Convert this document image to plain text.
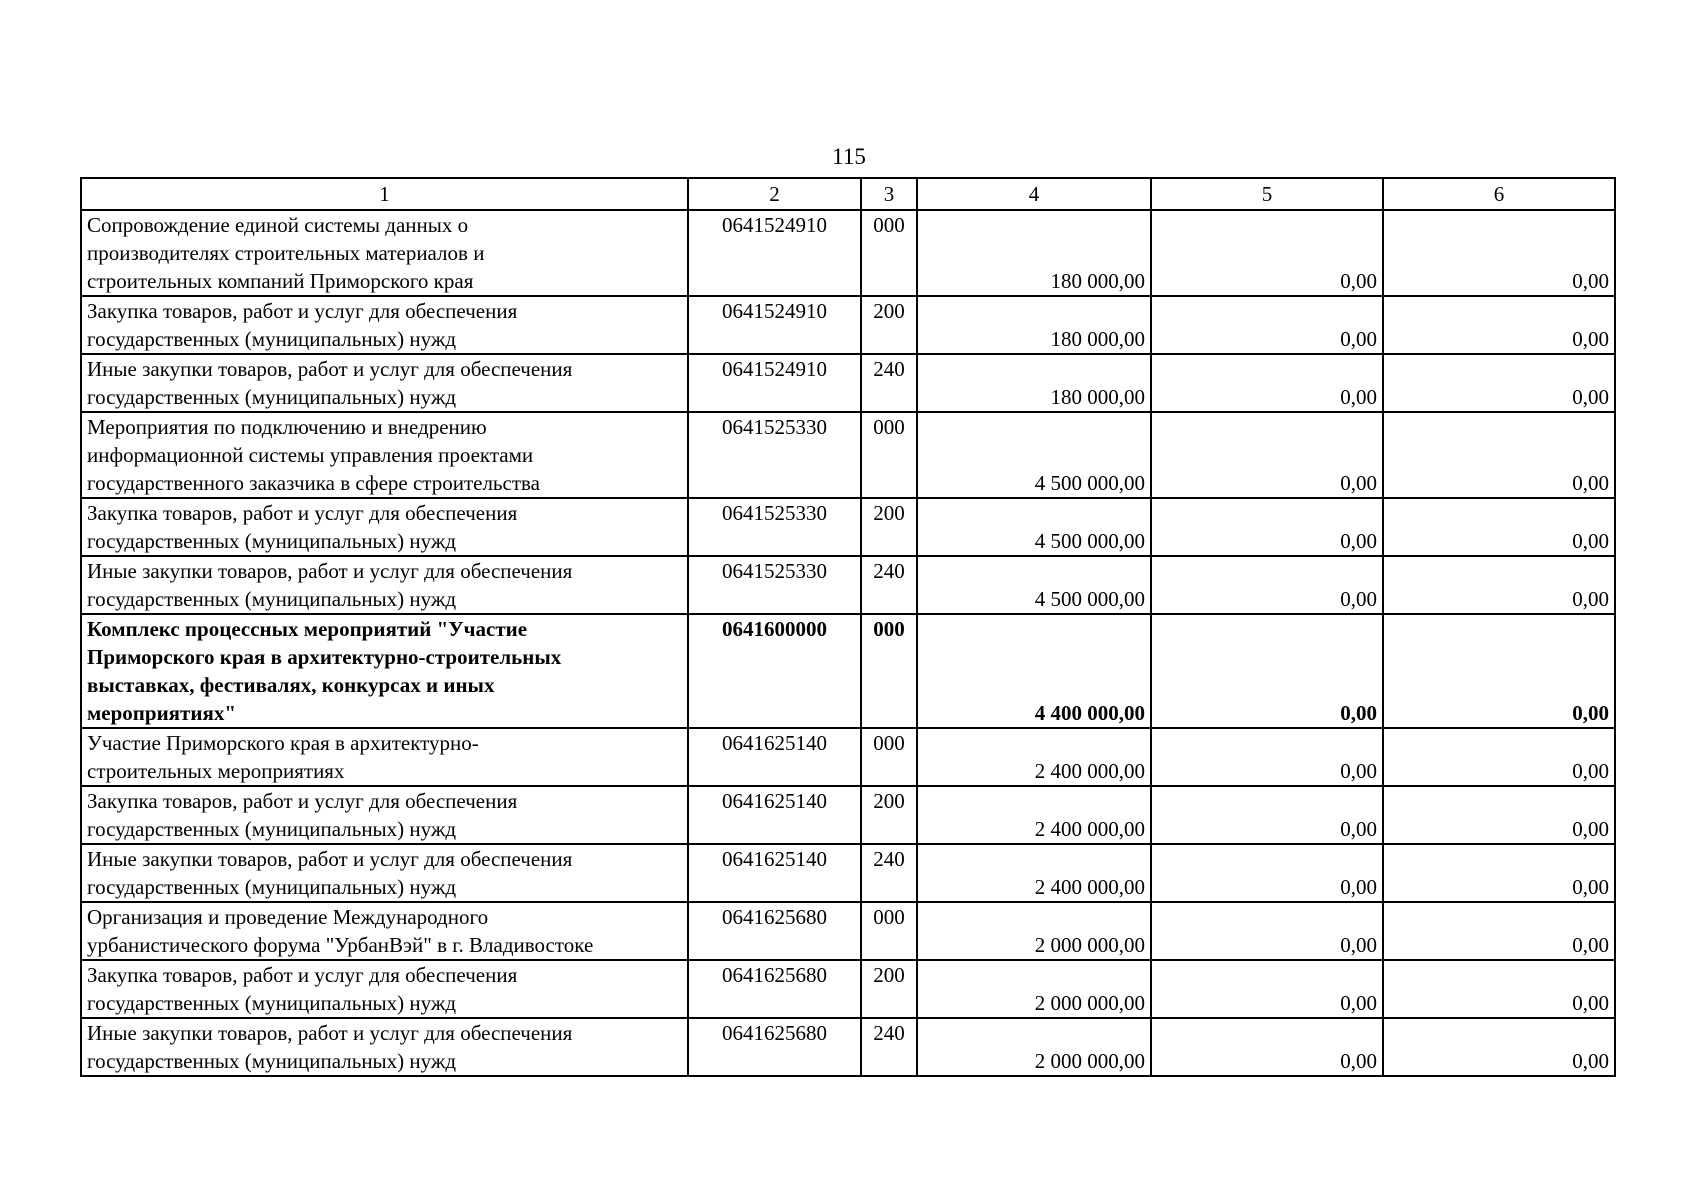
115
1	2	3	4	5	6

Сопровождение единой системы данных о
производителях строительных материалов и
строительных компаний Приморского края	0641524910	000	180 000,00	0,00	0,00

Закупка товаров, работ и услуг для обеспечения
государственных (муниципальных) нужд	0641524910	200	180 000,00	0,00	0,00

Иные закупки товаров, работ и услуг для обеспечения
государственных (муниципальных) нужд	0641524910	240	180 000,00	0,00	0,00

Мероприятия по подключению и внедрению
информационной системы управления проектами
государственного заказчика в сфере строительства	0641525330	000	4 500 000,00	0,00	0,00

Закупка товаров, работ и услуг для обеспечения
государственных (муниципальных) нужд	0641525330	200	4 500 000,00	0,00	0,00

Иные закупки товаров, работ и услуг для обеспечения
государственных (муниципальных) нужд	0641525330	240	4 500 000,00	0,00	0,00

Комплекс процессных мероприятий "Участие
Приморского края в архитектурно-строительных
выставках, фестивалях, конкурсах и иных
мероприятиях"	0641600000	000	4 400 000,00	0,00	0,00

Участие Приморского края в архитектурно-
строительных мероприятиях	0641625140	000	2 400 000,00	0,00	0,00

Закупка товаров, работ и услуг для обеспечения
государственных (муниципальных) нужд	0641625140	200	2 400 000,00	0,00	0,00

Иные закупки товаров, работ и услуг для обеспечения
государственных (муниципальных) нужд	0641625140	240	2 400 000,00	0,00	0,00

Организация и проведение Международного
урбанистического форума "УрбанВэй" в г. Владивостоке	0641625680	000	2 000 000,00	0,00	0,00

Закупка товаров, работ и услуг для обеспечения
государственных (муниципальных) нужд	0641625680	200	2 000 000,00	0,00	0,00

Иные закупки товаров, работ и услуг для обеспечения
государственных (муниципальных) нужд	0641625680	240	2 000 000,00	0,00	0,00
